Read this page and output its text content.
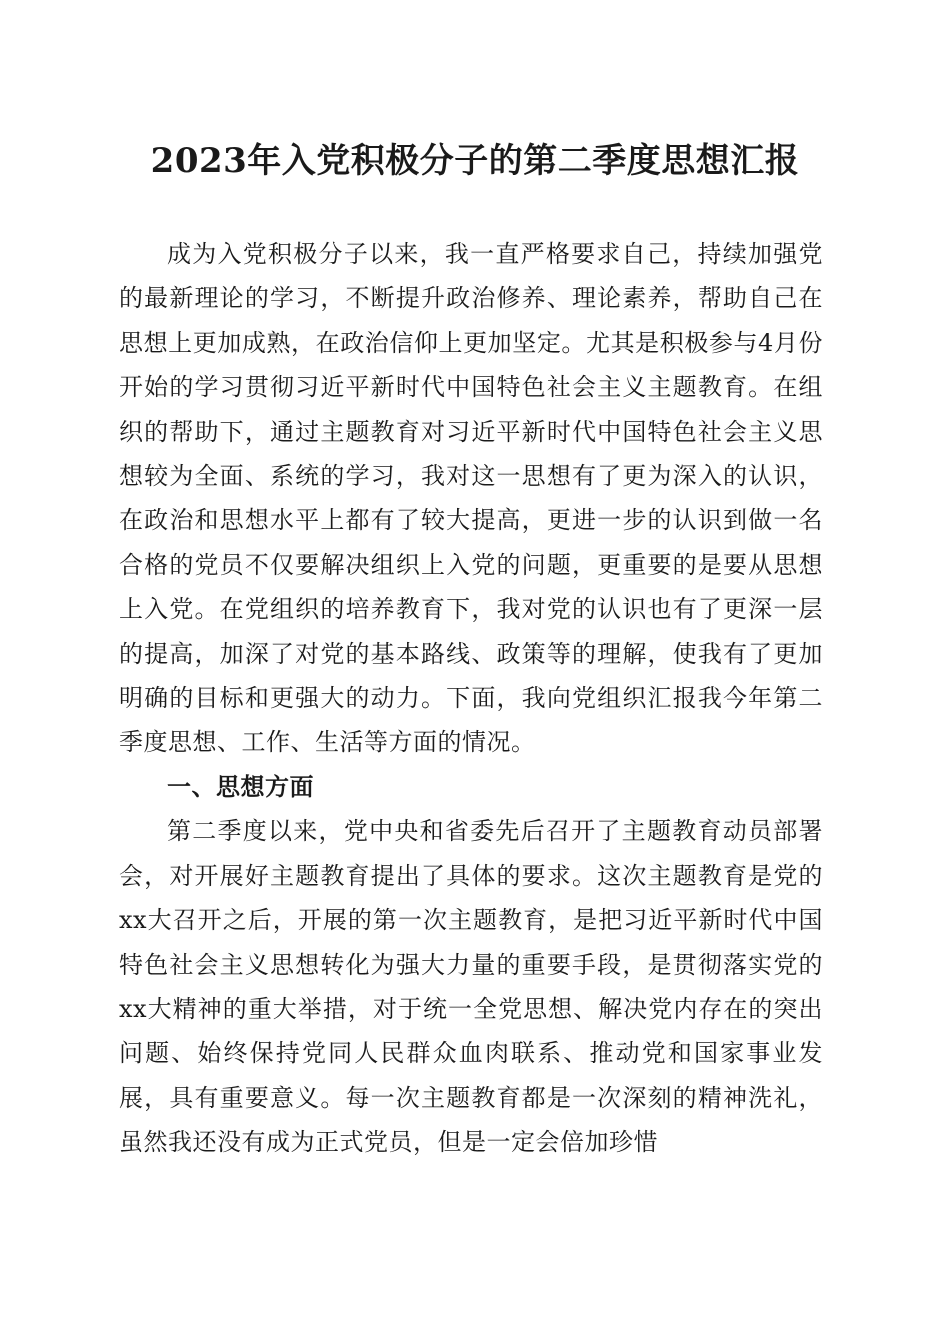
2023年入党积极分子的第二季度思想汇报

成为入党积极分子以来，我一直严格要求自己，持续加强党的最新理论的学习，不断提升政治修养、理论素养，帮助自己在思想上更加成熟，在政治信仰上更加坚定。尤其是积极参与4月份开始的学习贯彻习近平新时代中国特色社会主义主题教育。在组织的帮助下，通过主题教育对习近平新时代中国特色社会主义思想较为全面、系统的学习，我对这一思想有了更为深入的认识，在政治和思想水平上都有了较大提高，更进一步的认识到做一名合格的党员不仅要解决组织上入党的问题，更重要的是要从思想上入党。在党组织的培养教育下，我对党的认识也有了更深一层的提高，加深了对党的基本路线、政策等的理解，使我有了更加明确的目标和更强大的动力。下面，我向党组织汇报我今年第二季度思想、工作、生活等方面的情况。

一、思想方面

第二季度以来，党中央和省委先后召开了主题教育动员部署会，对开展好主题教育提出了具体的要求。这次主题教育是党的xx大召开之后，开展的第一次主题教育，是把习近平新时代中国特色社会主义思想转化为强大力量的重要手段，是贯彻落实党的xx大精神的重大举措，对于统一全党思想、解决党内存在的突出问题、始终保持党同人民群众血肉联系、推动党和国家事业发展，具有重要意义。每一次主题教育都是一次深刻的精神洗礼，虽然我还没有成为正式党员，但是一定会倍加珍惜
